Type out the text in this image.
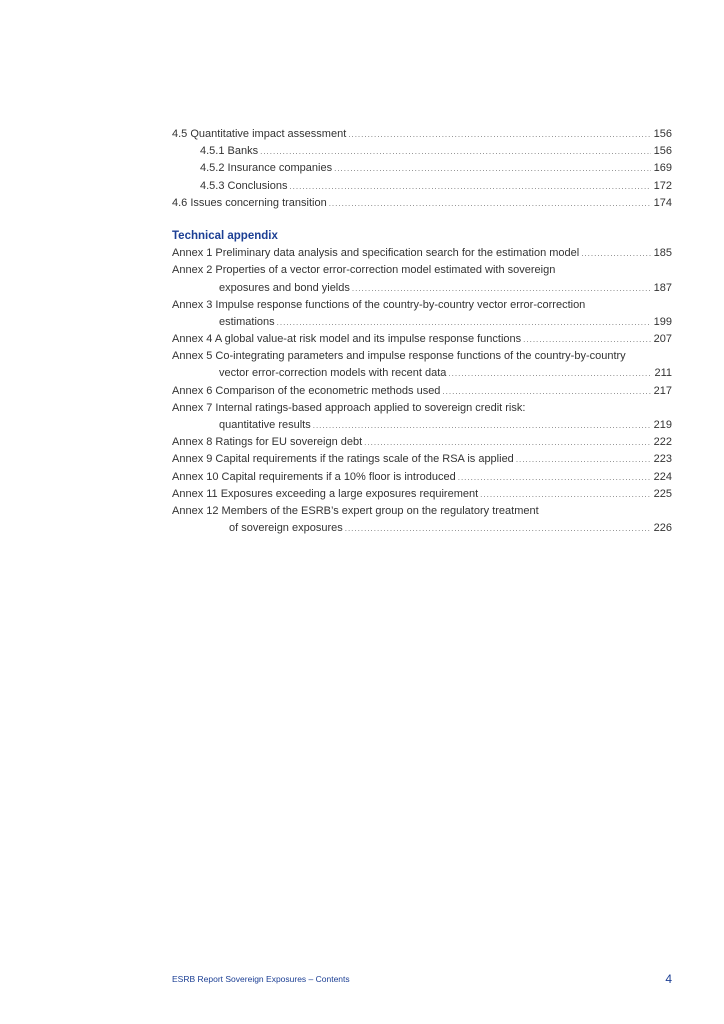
4.5 Quantitative impact assessment .....	156
4.5.1 Banks .....	156
4.5.2 Insurance companies .....	169
4.5.3 Conclusions .....	172
4.6 Issues concerning transition .....	174
Technical appendix
Annex 1 Preliminary data analysis and specification search for the estimation model .....	185
Annex 2 Properties of a vector error-correction model estimated with sovereign
exposures and bond yields .....	187
Annex 3 Impulse response functions of the country-by-country vector error-correction
estimations .....	199
Annex 4 A global value-at risk model and its impulse response functions .....	207
Annex 5 Co-integrating parameters and impulse response functions of the country-by-country
vector error-correction models with recent data .....	211
Annex 6 Comparison of the econometric methods used .....	217
Annex 7 Internal ratings-based approach applied to sovereign credit risk:
quantitative results .....	219
Annex 8 Ratings for EU sovereign debt .....	222
Annex 9 Capital requirements if the ratings scale of the RSA is applied .....	223
Annex 10 Capital requirements if a 10% floor is introduced .....	224
Annex 11 Exposures exceeding a large exposures requirement .....	225
Annex 12 Members of the ESRB’s expert group on the regulatory treatment
of sovereign exposures .....	226
ESRB Report Sovereign Exposures – Contents	4
